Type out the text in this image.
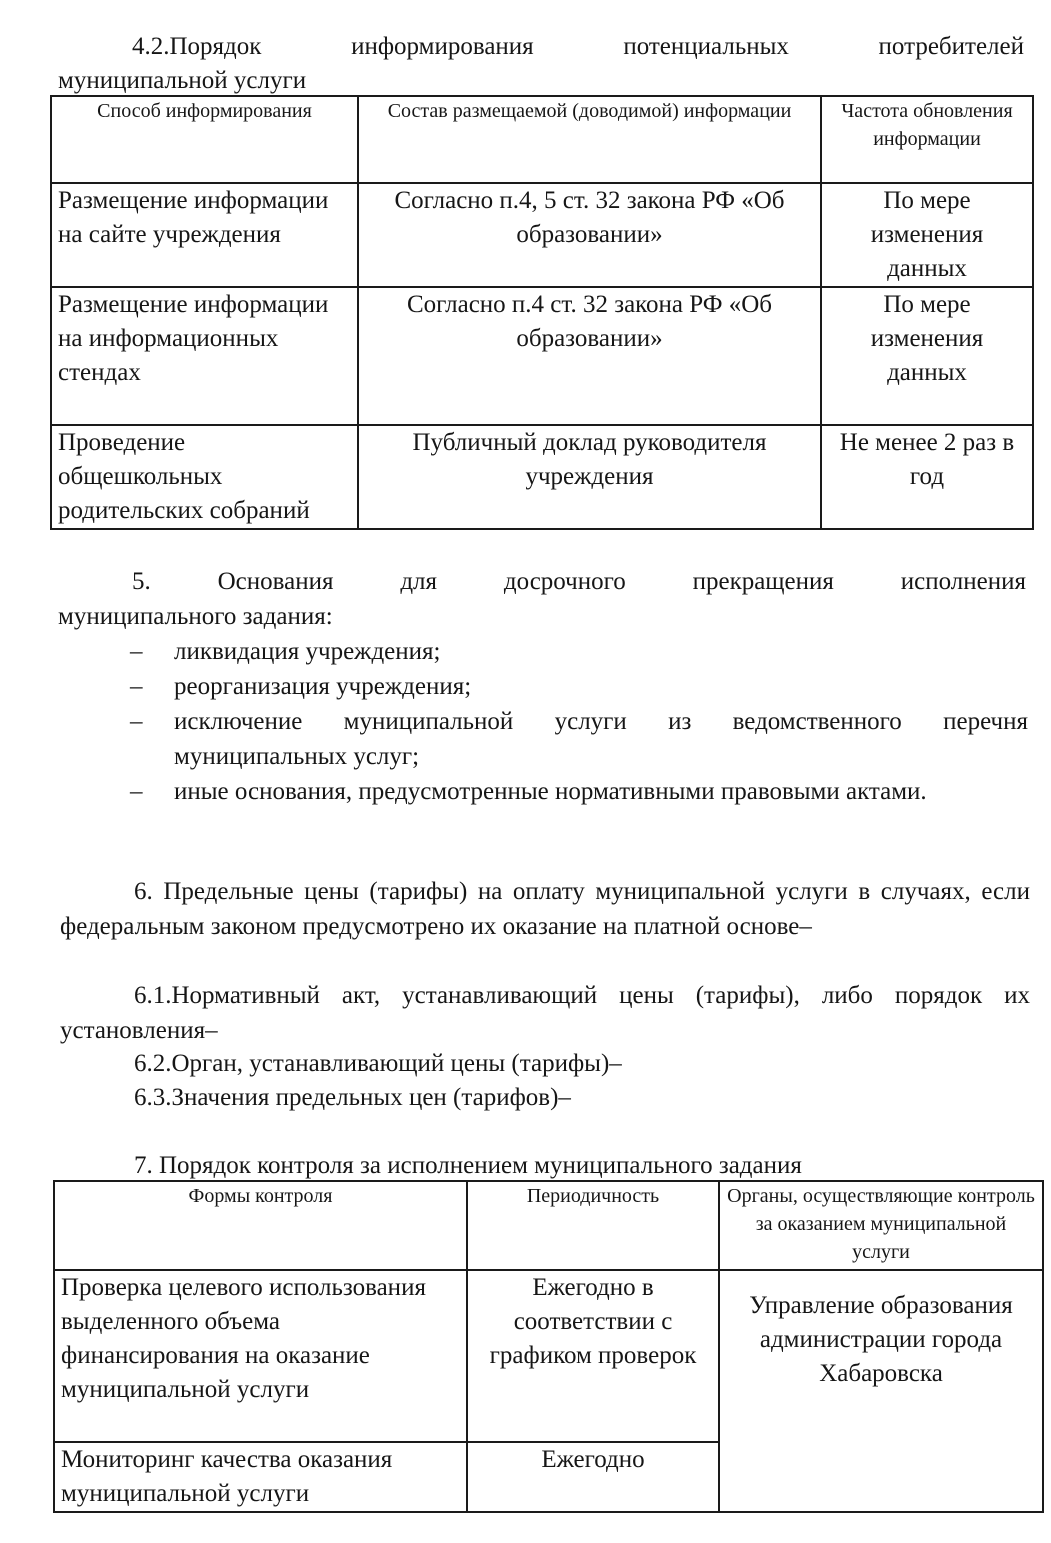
4.2.Порядок информирования потенциальных потребителей
муниципальной услуги
Способ информирования	Состав размещаемой (доводимой) информации	Частота обновления информации
Размещение информации на сайте учреждения	Согласно п.4, 5 ст. 32 закона РФ «Об образовании»	По мере изменения данных
Размещение информации на информационных стендах	Согласно п.4 ст. 32 закона РФ «Об образовании»	По мере изменения данных
Проведение общешкольных родительских собраний	Публичный доклад руководителя учреждения	Не менее 2 раз в год
5. Основания для досрочного прекращения исполнения
муниципального задания:
– ликвидация учреждения;
– реорганизация учреждения;
– исключение муниципальной услуги из ведомственного перечня муниципальных услуг;
– иные основания, предусмотренные нормативными правовыми актами.
6. Предельные цены (тарифы) на оплату муниципальной услуги в случаях, если федеральным законом предусмотрено их оказание на платной основе–
6.1.Нормативный акт, устанавливающий цены (тарифы), либо порядок их установления–
6.2.Орган, устанавливающий цены (тарифы)–
6.3.Значения предельных цен (тарифов)–
7. Порядок контроля за исполнением муниципального задания
Формы контроля	Периодичность	Органы, осуществляющие контроль за оказанием муниципальной услуги
Проверка целевого использования выделенного объема финансирования на оказание муниципальной услуги	Ежегодно в соответствии с графиком проверок	Управление образования администрации города Хабаровска
Мониторинг качества оказания муниципальной услуги	Ежегодно	
